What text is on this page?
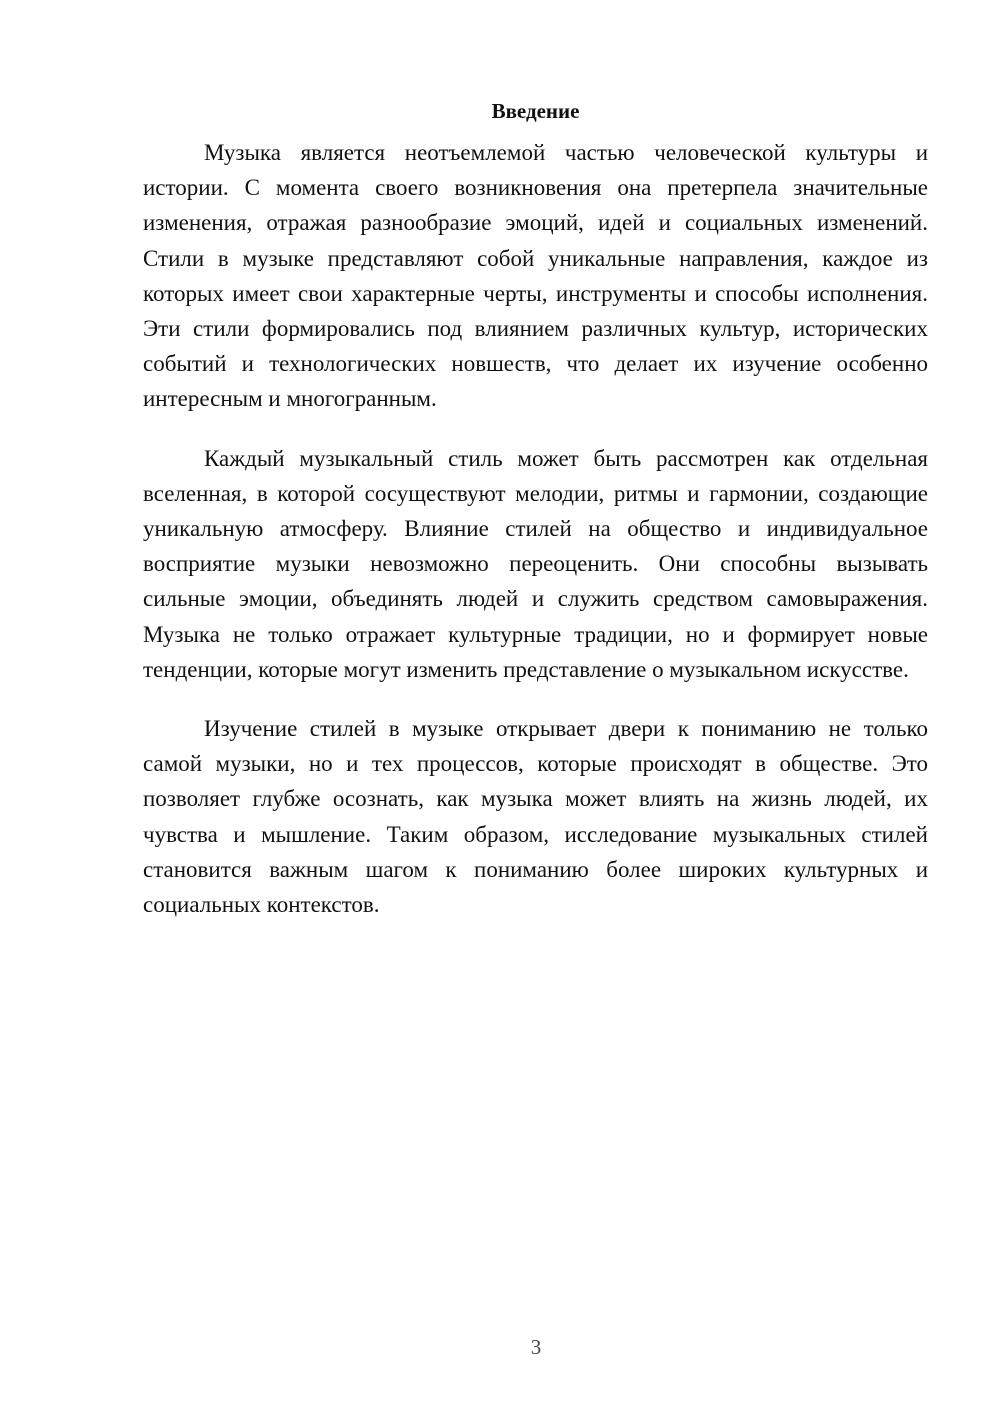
Введение

Музыка является неотъемлемой частью человеческой культуры и истории. С момента своего возникновения она претерпела значительные изменения, отражая разнообразие эмоций, идей и социальных изменений. Стили в музыке представляют собой уникальные направления, каждое из которых имеет свои характерные черты, инструменты и способы исполнения. Эти стили формировались под влиянием различных культур, исторических событий и технологических новшеств, что делает их изучение особенно интересным и многогранным.

Каждый музыкальный стиль может быть рассмотрен как отдельная вселенная, в которой сосуществуют мелодии, ритмы и гармонии, создающие уникальную атмосферу. Влияние стилей на общество и индивидуальное восприятие музыки невозможно переоценить. Они способны вызывать сильные эмоции, объединять людей и служить средством самовыражения. Музыка не только отражает культурные традиции, но и формирует новые тенденции, которые могут изменить представление о музыкальном искусстве.

Изучение стилей в музыке открывает двери к пониманию не только самой музыки, но и тех процессов, которые происходят в обществе. Это позволяет глубже осознать, как музыка может влиять на жизнь людей, их чувства и мышление. Таким образом, исследование музыкальных стилей становится важным шагом к пониманию более широких культурных и социальных контекстов.

3
